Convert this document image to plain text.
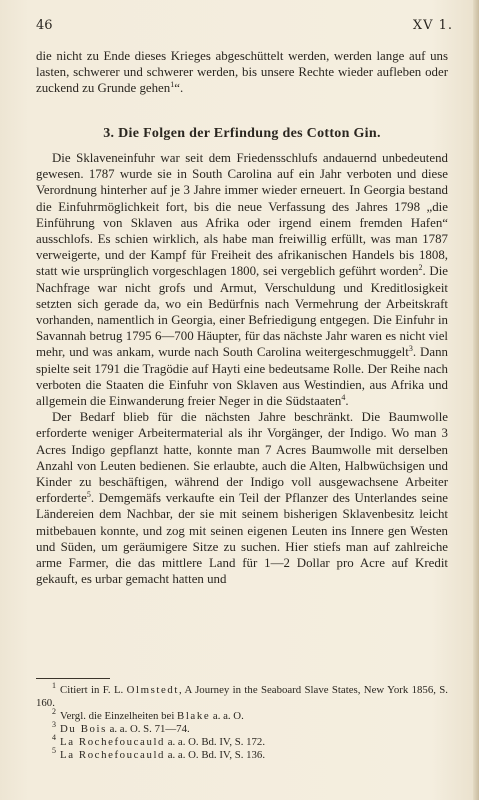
46	XV 1.

die nicht zu Ende dieses Krieges abgeschüttelt werden, werden lange auf uns lasten, schwerer und schwerer werden, bis unsere Rechte wieder aufleben oder zuckend zu Grunde gehen$^1$“.

3. Die Folgen der Erfindung des Cotton Gin.

Die Sklaveneinfuhr war seit dem Friedensschlufs andauernd unbedeutend gewesen. 1787 wurde sie in South Carolina auf ein Jahr verboten und diese Verordnung hinterher auf je 3 Jahre immer wieder erneuert. In Georgia bestand die Einfuhrmöglichkeit fort, bis die neue Verfassung des Jahres 1798 „die Einführung von Sklaven aus Afrika oder irgend einem fremden Hafen“ ausschlofs. Es schien wirklich, als habe man freiwillig erfüllt, was man 1787 verweigerte, und der Kampf für Freiheit des afrikanischen Handels bis 1808, statt wie ursprünglich vorgeschlagen 1800, sei vergeblich geführt worden$^2$. Die Nachfrage war nicht grofs und Armut, Verschuldung und Kreditlosigkeit setzten sich gerade da, wo ein Bedürfnis nach Vermehrung der Arbeitskraft vorhanden, namentlich in Georgia, einer Befriedigung entgegen. Die Einfuhr in Savannah betrug 1795 6—700 Häupter, für das nächste Jahr waren es nicht viel mehr, und was ankam, wurde nach South Carolina weitergeschmuggelt$^3$. Dann spielte seit 1791 die Tragödie auf Hayti eine bedeutsame Rolle. Der Reihe nach verboten die Staaten die Einfuhr von Sklaven aus Westindien, aus Afrika und allgemein die Einwanderung freier Neger in die Südstaaten$^4$.

Der Bedarf blieb für die nächsten Jahre beschränkt. Die Baumwolle erforderte weniger Arbeitermaterial als ihr Vorgänger, der Indigo. Wo man 3 Acres Indigo gepflanzt hatte, konnte man 7 Acres Baumwolle mit derselben Anzahl von Leuten bedienen. Sie erlaubte, auch die Alten, Halbwüchsigen und Kinder zu beschäftigen, während der Indigo voll ausgewachsene Arbeiter erforderte$^5$. Demgemäfs verkaufte ein Teil der Pflanzer des Unterlandes seine Ländereien dem Nachbar, der sie mit seinem bisherigen Sklavenbesitz leicht mitbebauen konnte, und zog mit seinen eigenen Leuten ins Innere gen Westen und Süden, um geräumigere Sitze zu suchen. Hier stiefs man auf zahlreiche arme Farmer, die das mittlere Land für 1—2 Dollar pro Acre auf Kredit gekauft, es urbar gemacht hatten und

$^1$ Citiert in F. L. Olmstedt, A Journey in the Seaboard Slave States, New York 1856, S. 160.
$^2$ Vergl. die Einzelheiten bei Blake a. a. O.
$^3$ Du Bois a. a. O. S. 71—74.
$^4$ La Rochefoucauld a. a. O. Bd. IV, S. 172.
$^5$ La Rochefoucauld a. a. O. Bd. IV, S. 136.
